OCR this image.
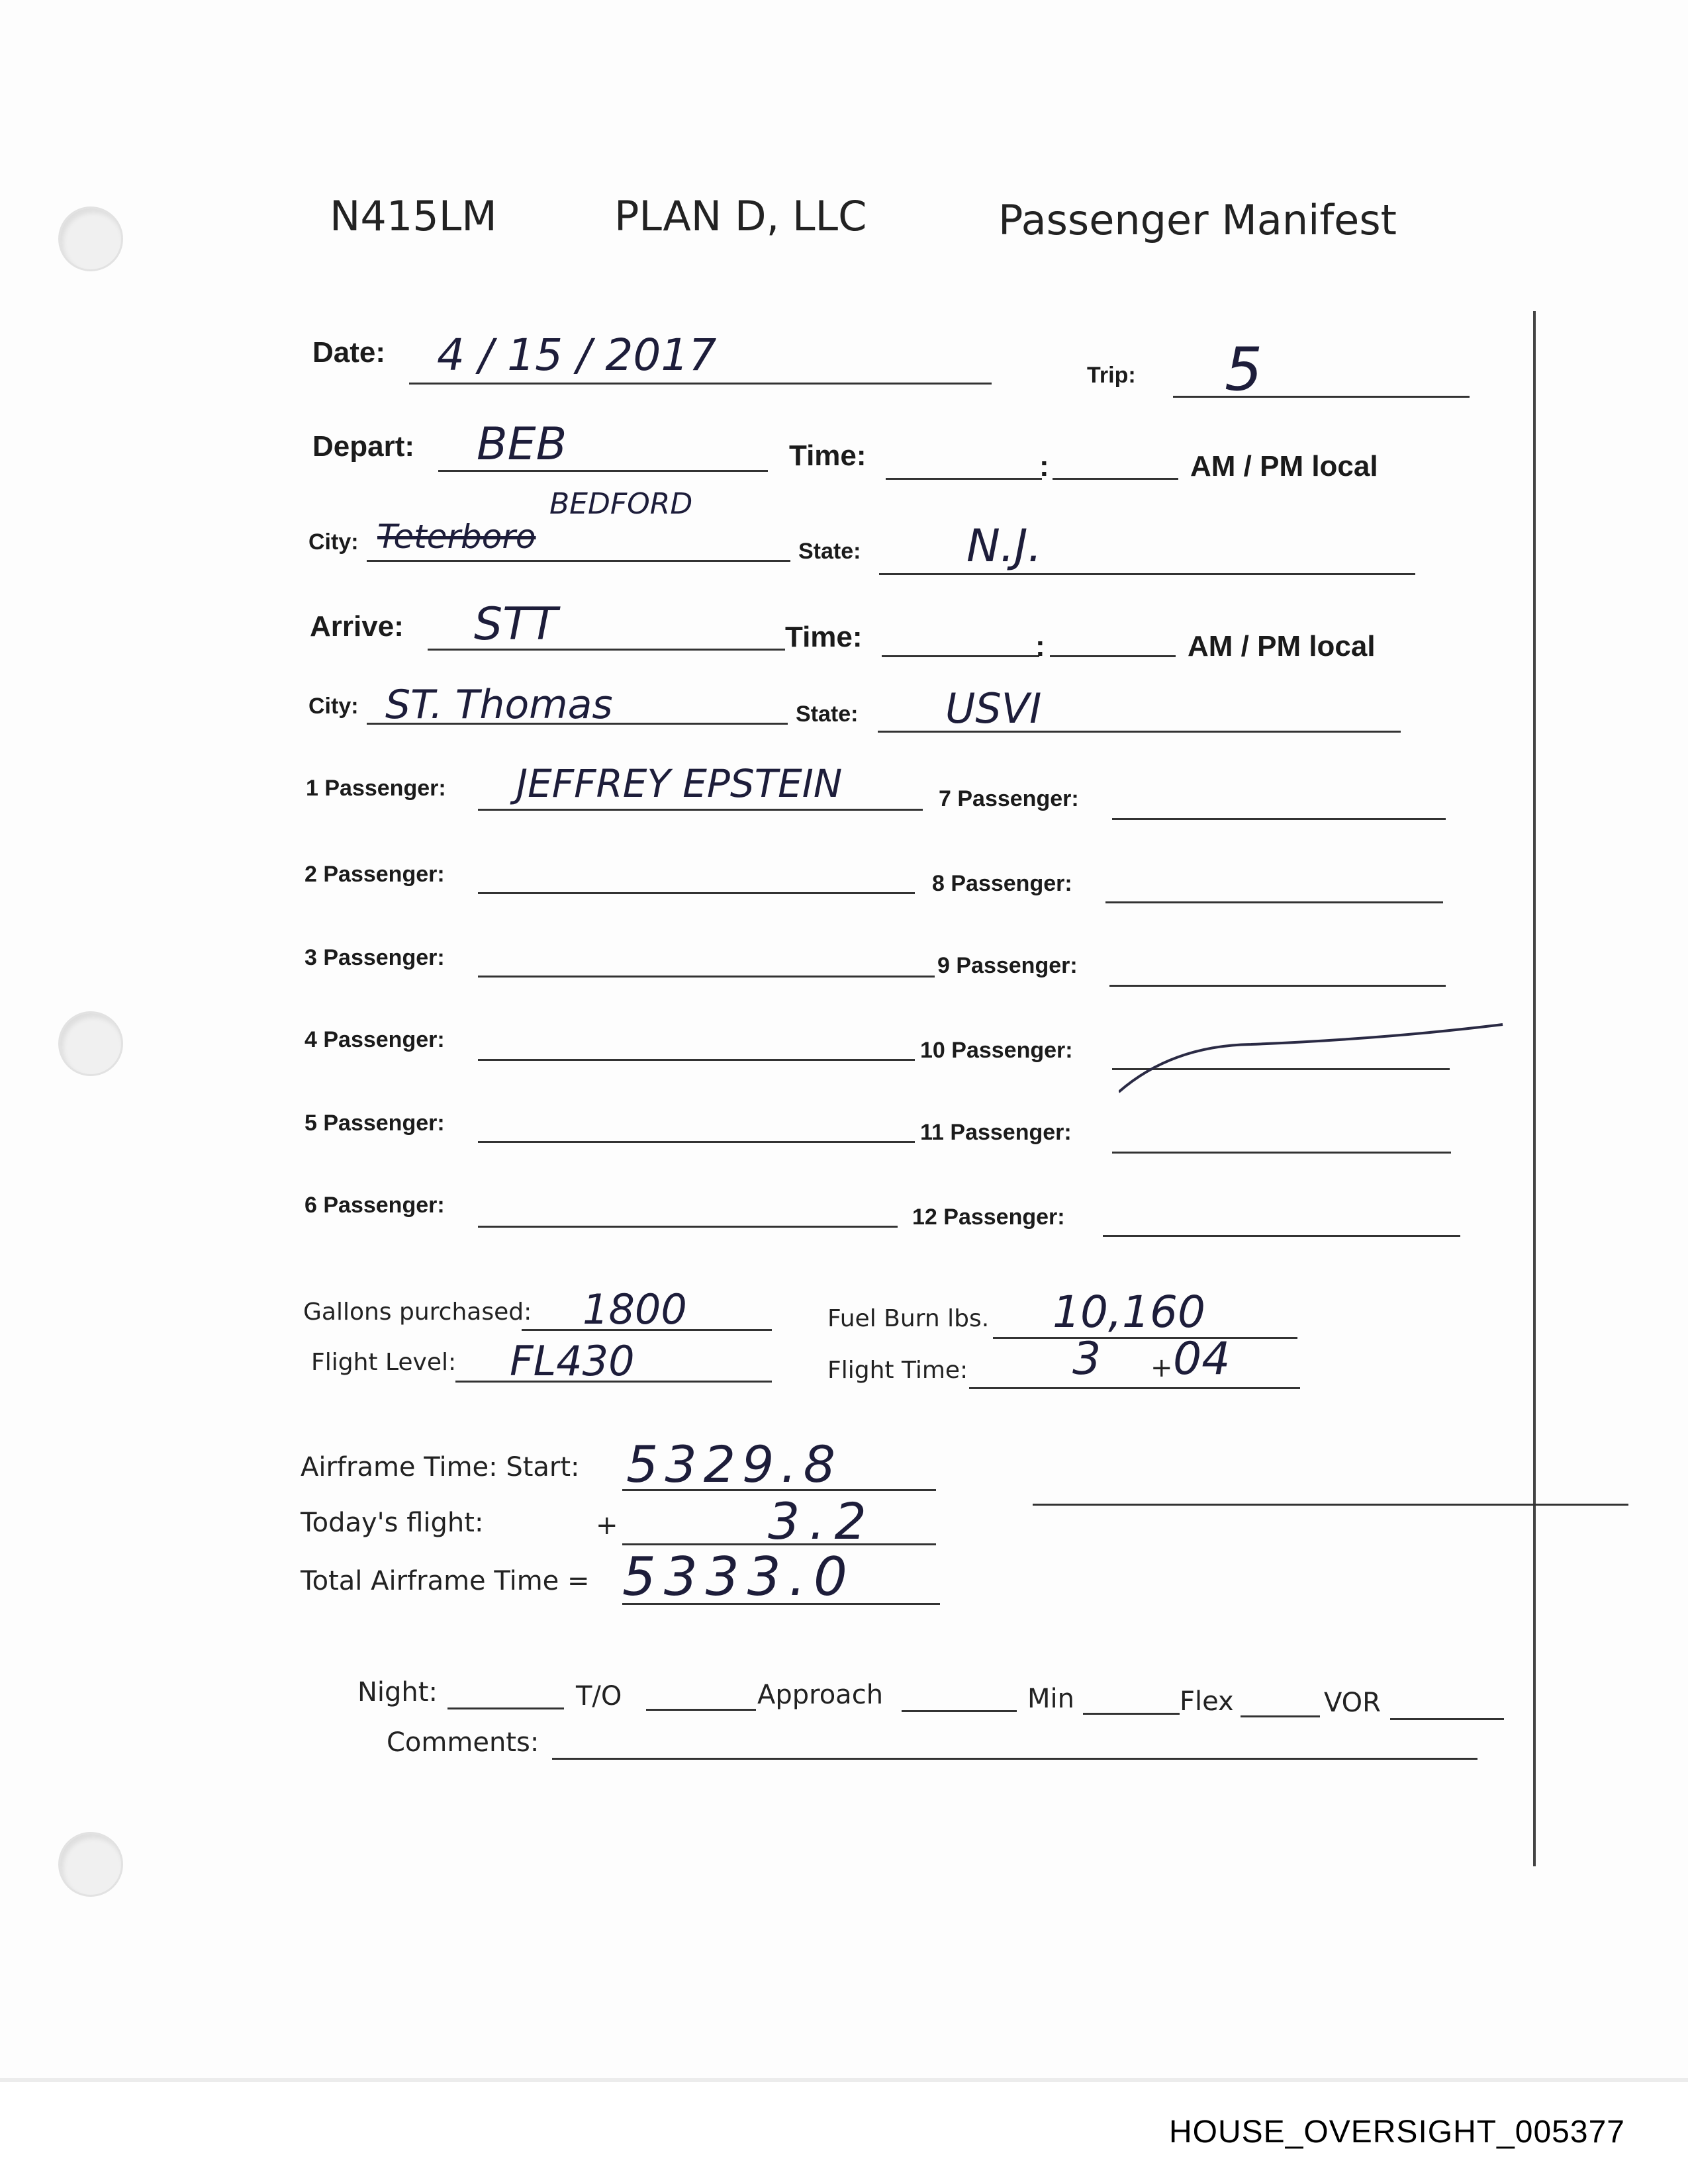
N415LM	PLAN D, LLC	Passenger Manifest
Date: 4 / 15 / 2017	Trip: 5
Depart: BEB	Time:	:	AM / PM local
City: Teterboro
BEDFORD
State: N.J.
Arrive: STT	Time:	:	AM / PM local
City: ST. Thomas	State: USVI
1 Passenger: JEFFREY EPSTEIN
2 Passenger:
3 Passenger:
4 Passenger:
5 Passenger:
6 Passenger:
7 Passenger:
8 Passenger:
9 Passenger:
10 Passenger:
11 Passenger:
12 Passenger:
Gallons purchased: 1800	Fuel Burn lbs. 10,160
Flight Level: FL430	Flight Time: 3 + 04
Airframe Time: Start: 5329.8
Today's flight:	+	3.2
Total Airframe Time = 5333.0
Night:	T/O	Approach	Min	Flex	VOR
Comments:
HOUSE_OVERSIGHT_005377
